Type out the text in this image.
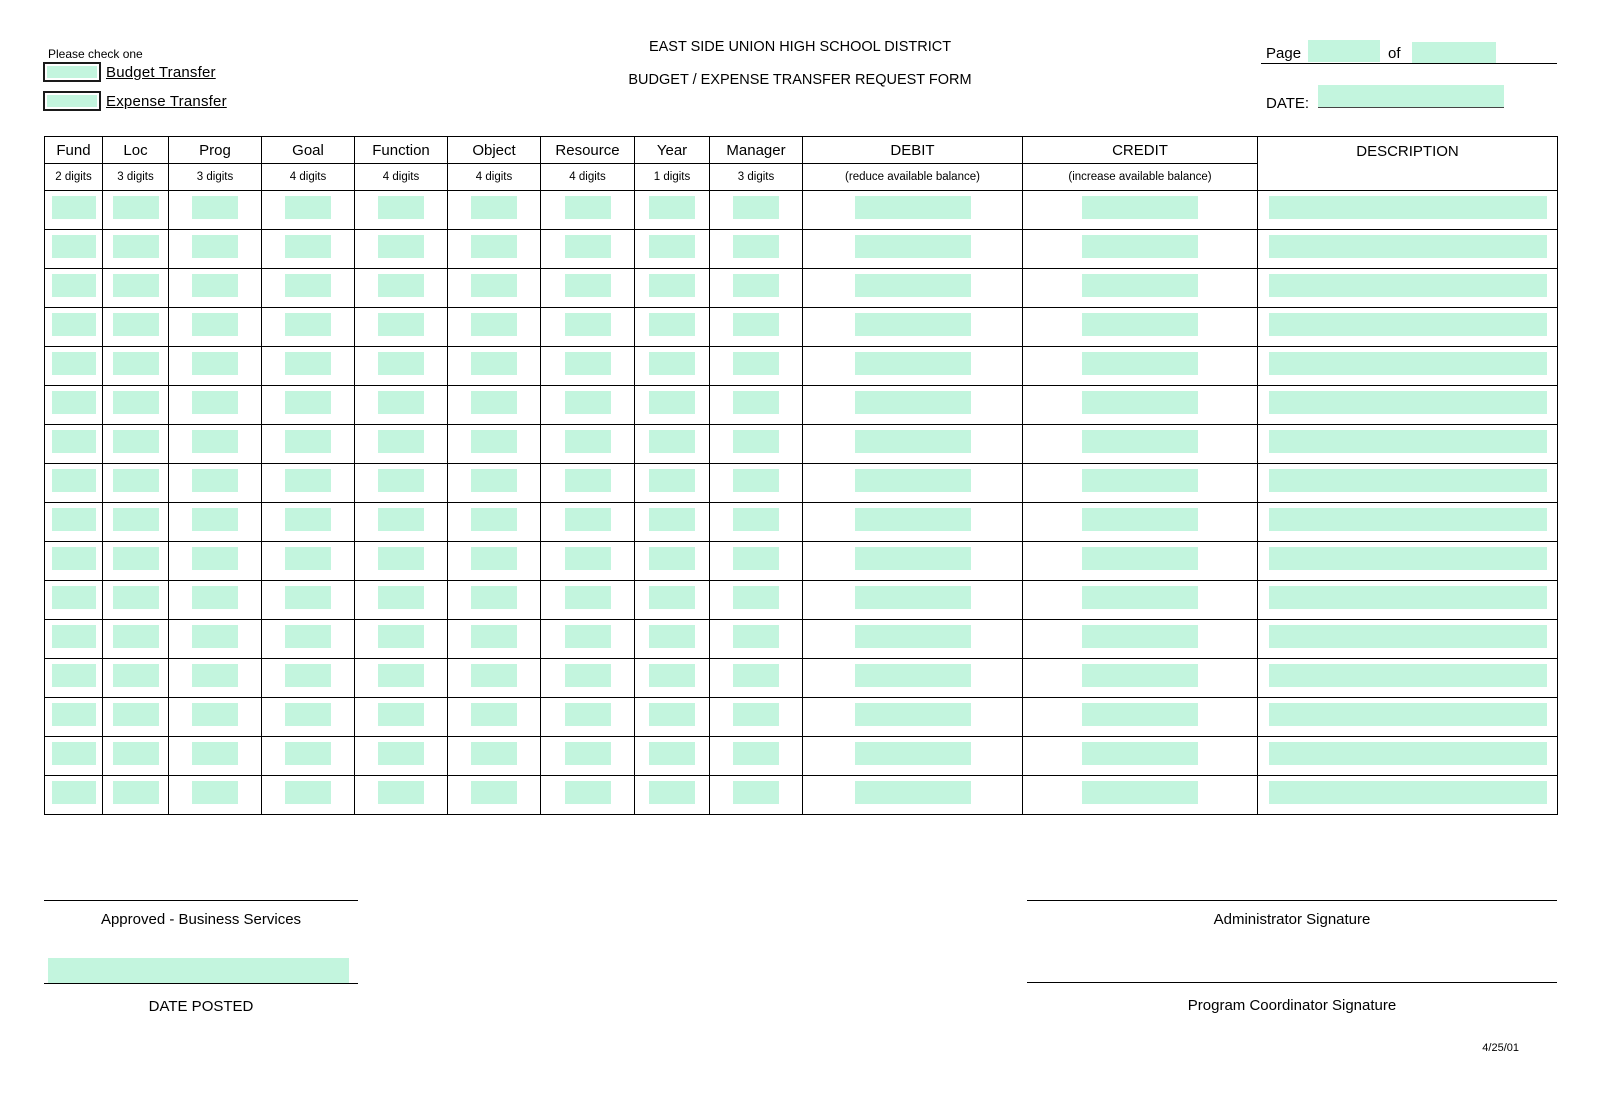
Please check one
Budget Transfer
Expense Transfer
EAST SIDE UNION HIGH SCHOOL DISTRICT
BUDGET / EXPENSE TRANSFER REQUEST FORM
Page	of
DATE:
Fund	Loc	Prog	Goal	Function	Object	Resource	Year	Manager	DEBIT	CREDIT	DESCRIPTION
2 digits	3 digits	3 digits	4 digits	4 digits	4 digits	4 digits	1 digits	3 digits	(reduce available balance)	(increase available balance)	

Approved - Business Services
DATE POSTED
Administrator Signature
Program Coordinator Signature
4/25/01
